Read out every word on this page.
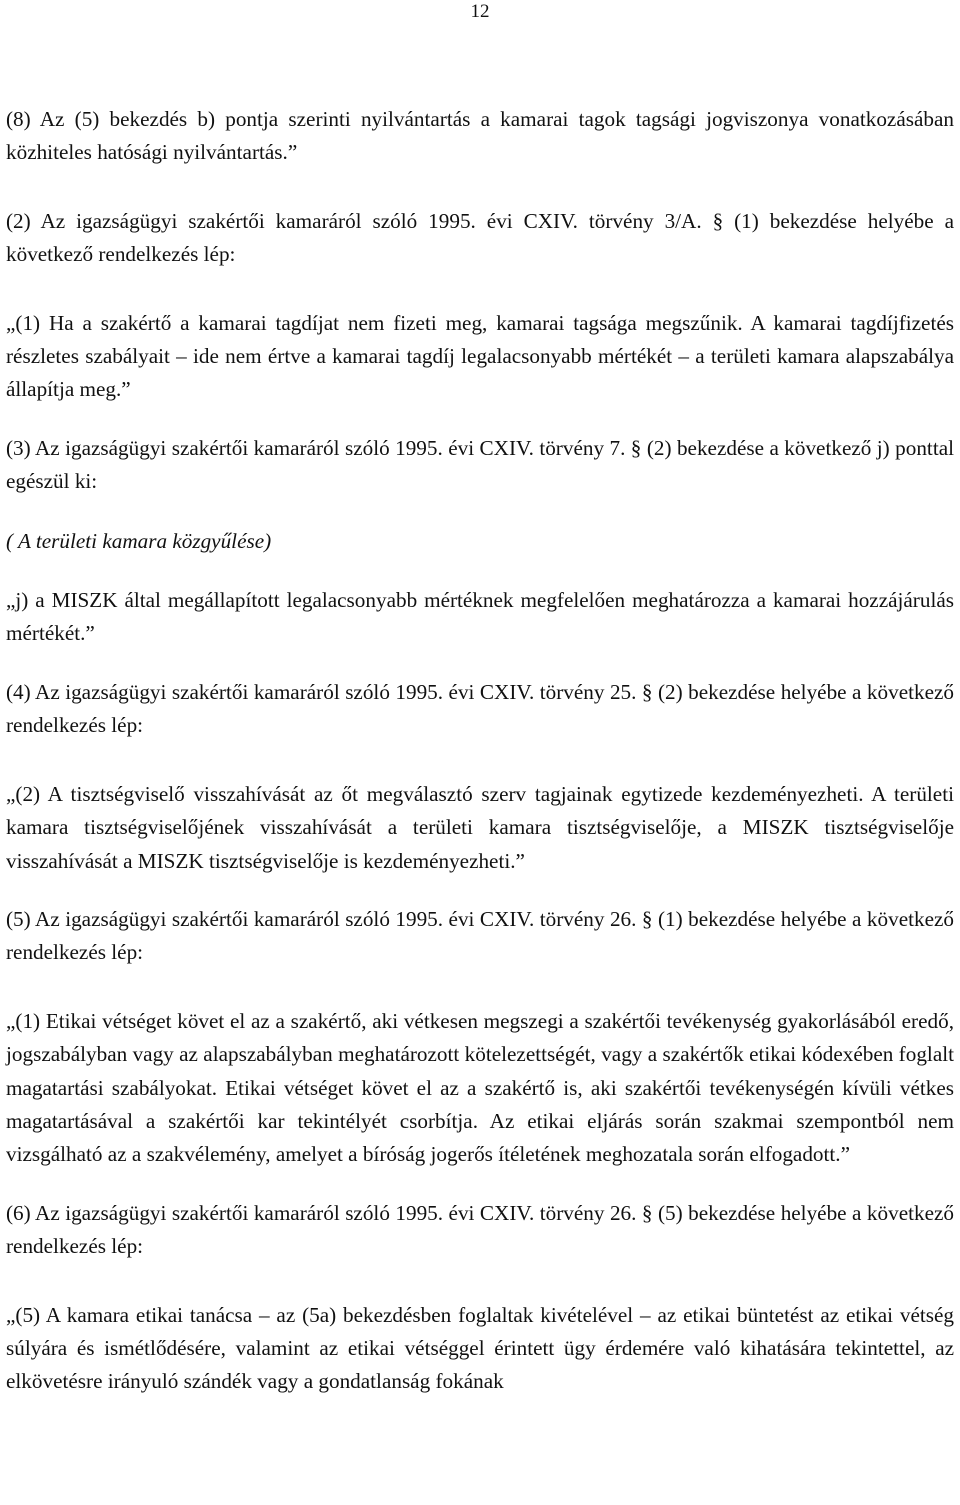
12

(8) Az (5) bekezdés b) pontja szerinti nyilvántartás a kamarai tagok tagsági jogviszonya vonatkozásában közhiteles hatósági nyilvántartás.”

(2) Az igazságügyi szakértői kamaráról szóló 1995. évi CXIV. törvény 3/A. § (1) bekezdése helyébe a következő rendelkezés lép:

„(1) Ha a szakértő a kamarai tagdíjat nem fizeti meg, kamarai tagsága megszűnik. A kamarai tagdíjfizetés részletes szabályait – ide nem értve a kamarai tagdíj legalacsonyabb mértékét – a területi kamara alapszabálya állapítja meg.”

(3) Az igazságügyi szakértői kamaráról szóló 1995. évi CXIV. törvény 7. § (2) bekezdése a következő j) ponttal egészül ki:

( A területi kamara közgyűlése)

„j) a MISZK által megállapított legalacsonyabb mértéknek megfelelően meghatározza a kamarai hozzájárulás mértékét.”

(4) Az igazságügyi szakértői kamaráról szóló 1995. évi CXIV. törvény 25. § (2) bekezdése helyébe a következő rendelkezés lép:

„(2) A tisztségviselő visszahívását az őt megválasztó szerv tagjainak egytizede kezdeményezheti. A területi kamara tisztségviselőjének visszahívását a területi kamara tisztségviselője, a MISZK tisztségviselője visszahívását a MISZK tisztségviselője is kezdeményezheti.”

(5) Az igazságügyi szakértői kamaráról szóló 1995. évi CXIV. törvény 26. § (1) bekezdése helyébe a következő rendelkezés lép:

„(1) Etikai vétséget követ el az a szakértő, aki vétkesen megszegi a szakértői tevékenység gyakorlásából eredő, jogszabályban vagy az alapszabályban meghatározott kötelezettségét, vagy a szakértők etikai kódexében foglalt magatartási szabályokat. Etikai vétséget követ el az a szakértő is, aki szakértői tevékenységén kívüli vétkes magatartásával a szakértői kar tekintélyét csorbítja. Az etikai eljárás során szakmai szempontból nem vizsgálható az a szakvélemény, amelyet a bíróság jogerős ítéletének meghozatala során elfogadott.”

(6) Az igazságügyi szakértői kamaráról szóló 1995. évi CXIV. törvény 26. § (5) bekezdése helyébe a következő rendelkezés lép:

„(5) A kamara etikai tanácsa – az (5a) bekezdésben foglaltak kivételével – az etikai büntetést az etikai vétség súlyára és ismétlődésére, valamint az etikai vétséggel érintett ügy érdemére való kihatására tekintettel, az elkövetésre irányuló szándék vagy a gondatlanság fokának
